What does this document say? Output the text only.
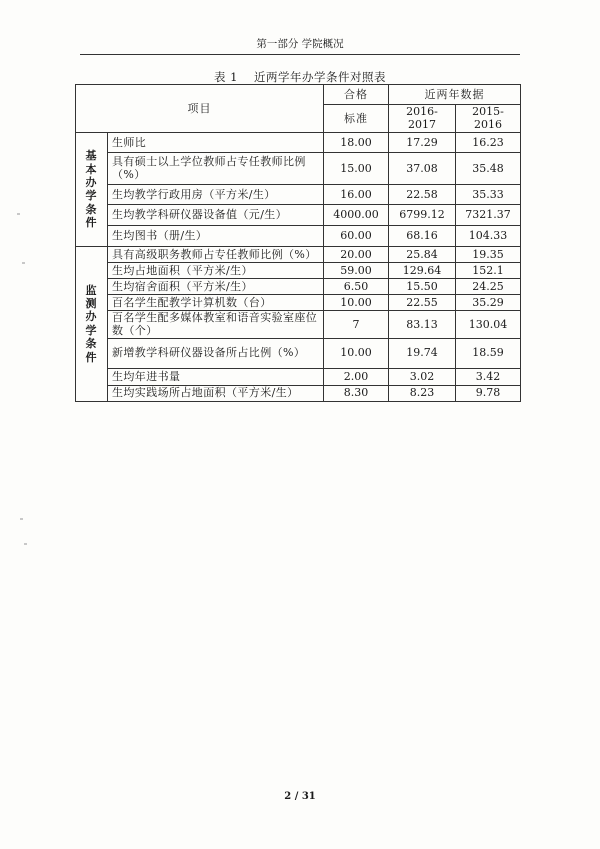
第一部分 学院概况
表 1 近两学年办学条件对照表
项目		合格	近两年数据	
		标准	2016-2017	2015-2016
基本办学条件	生师比	18.00	17.29	16.23
	具有硕士以上学位教师占专任教师比例（%）	15.00	37.08	35.48
	生均教学行政用房（平方米/生）	16.00	22.58	35.33
	生均教学科研仪器设备值（元/生）	4000.00	6799.12	7321.37
	生均图书（册/生）	60.00	68.16	104.33
监测办学条件	具有高级职务教师占专任教师比例（%）	20.00	25.84	19.35
	生均占地面积（平方米/生）	59.00	129.64	152.1
	生均宿舍面积（平方米/生）	6.50	15.50	24.25
	百名学生配教学计算机数（台）	10.00	22.55	35.29
	百名学生配多媒体教室和语音实验室座位数（个）	7	83.13	130.04
	新增教学科研仪器设备所占比例（%）	10.00	19.74	18.59
	生均年进书量	2.00	3.02	3.42
	生均实践场所占地面积（平方米/生）	8.30	8.23	9.78
2 / 31
